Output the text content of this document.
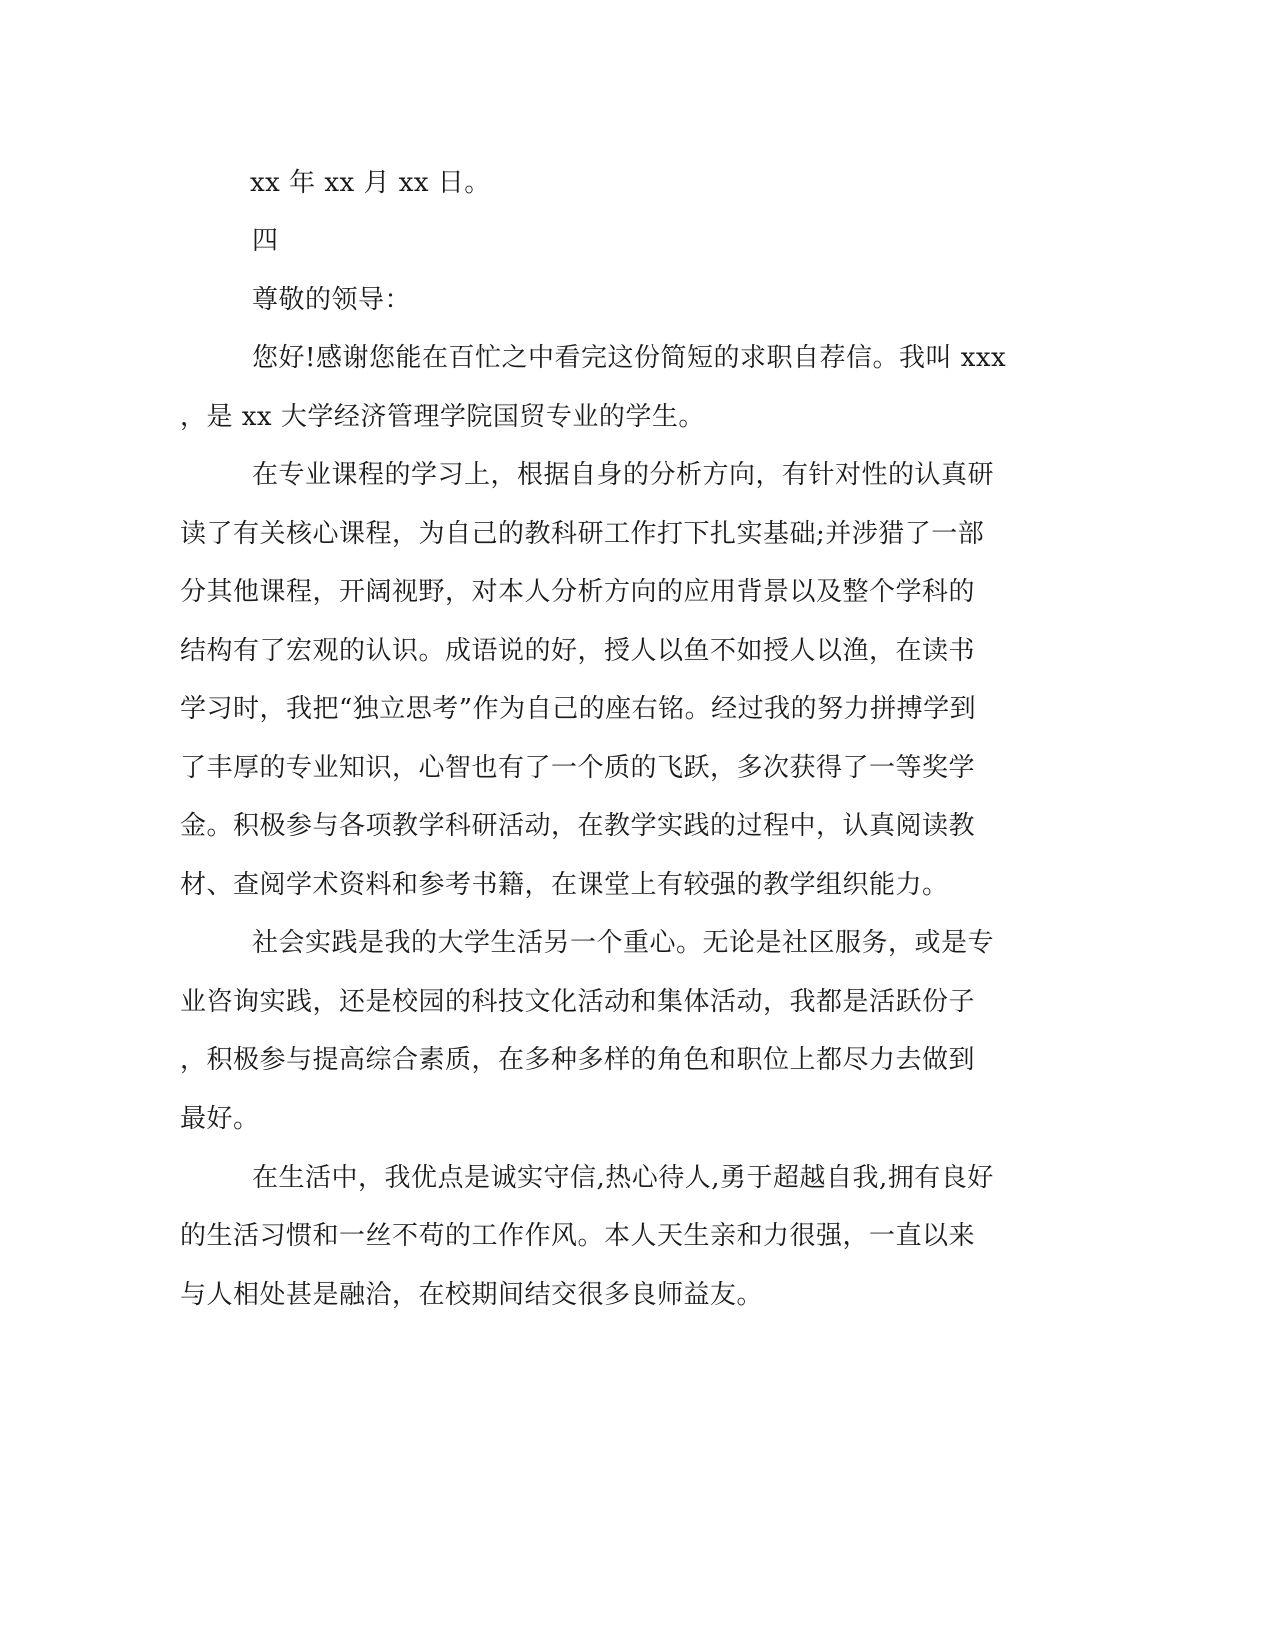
xx 年 xx 月 xx 日。
四
尊敬的领导：
您好!感谢您能在百忙之中看完这份简短的求职自荐信。我叫 xxx
，是 xx 大学经济管理学院国贸专业的学生。
在专业课程的学习上，根据自身的分析方向，有针对性的认真研
读了有关核心课程，为自己的教科研工作打下扎实基础;并涉猎了一部
分其他课程，开阔视野，对本人分析方向的应用背景以及整个学科的
结构有了宏观的认识。成语说的好，授人以鱼不如授人以渔，在读书
学习时，我把“独立思考”作为自己的座右铭。经过我的努力拼搏学到
了丰厚的专业知识，心智也有了一个质的飞跃，多次获得了一等奖学
金。积极参与各项教学科研活动，在教学实践的过程中，认真阅读教
材、查阅学术资料和参考书籍，在课堂上有较强的教学组织能力。
社会实践是我的大学生活另一个重心。无论是社区服务，或是专
业咨询实践，还是校园的科技文化活动和集体活动，我都是活跃份子
，积极参与提高综合素质，在多种多样的角色和职位上都尽力去做到
最好。
在生活中，我优点是诚实守信,热心待人,勇于超越自我,拥有良好
的生活习惯和一丝不苟的工作作风。本人天生亲和力很强，一直以来
与人相处甚是融洽，在校期间结交很多良师益友。
